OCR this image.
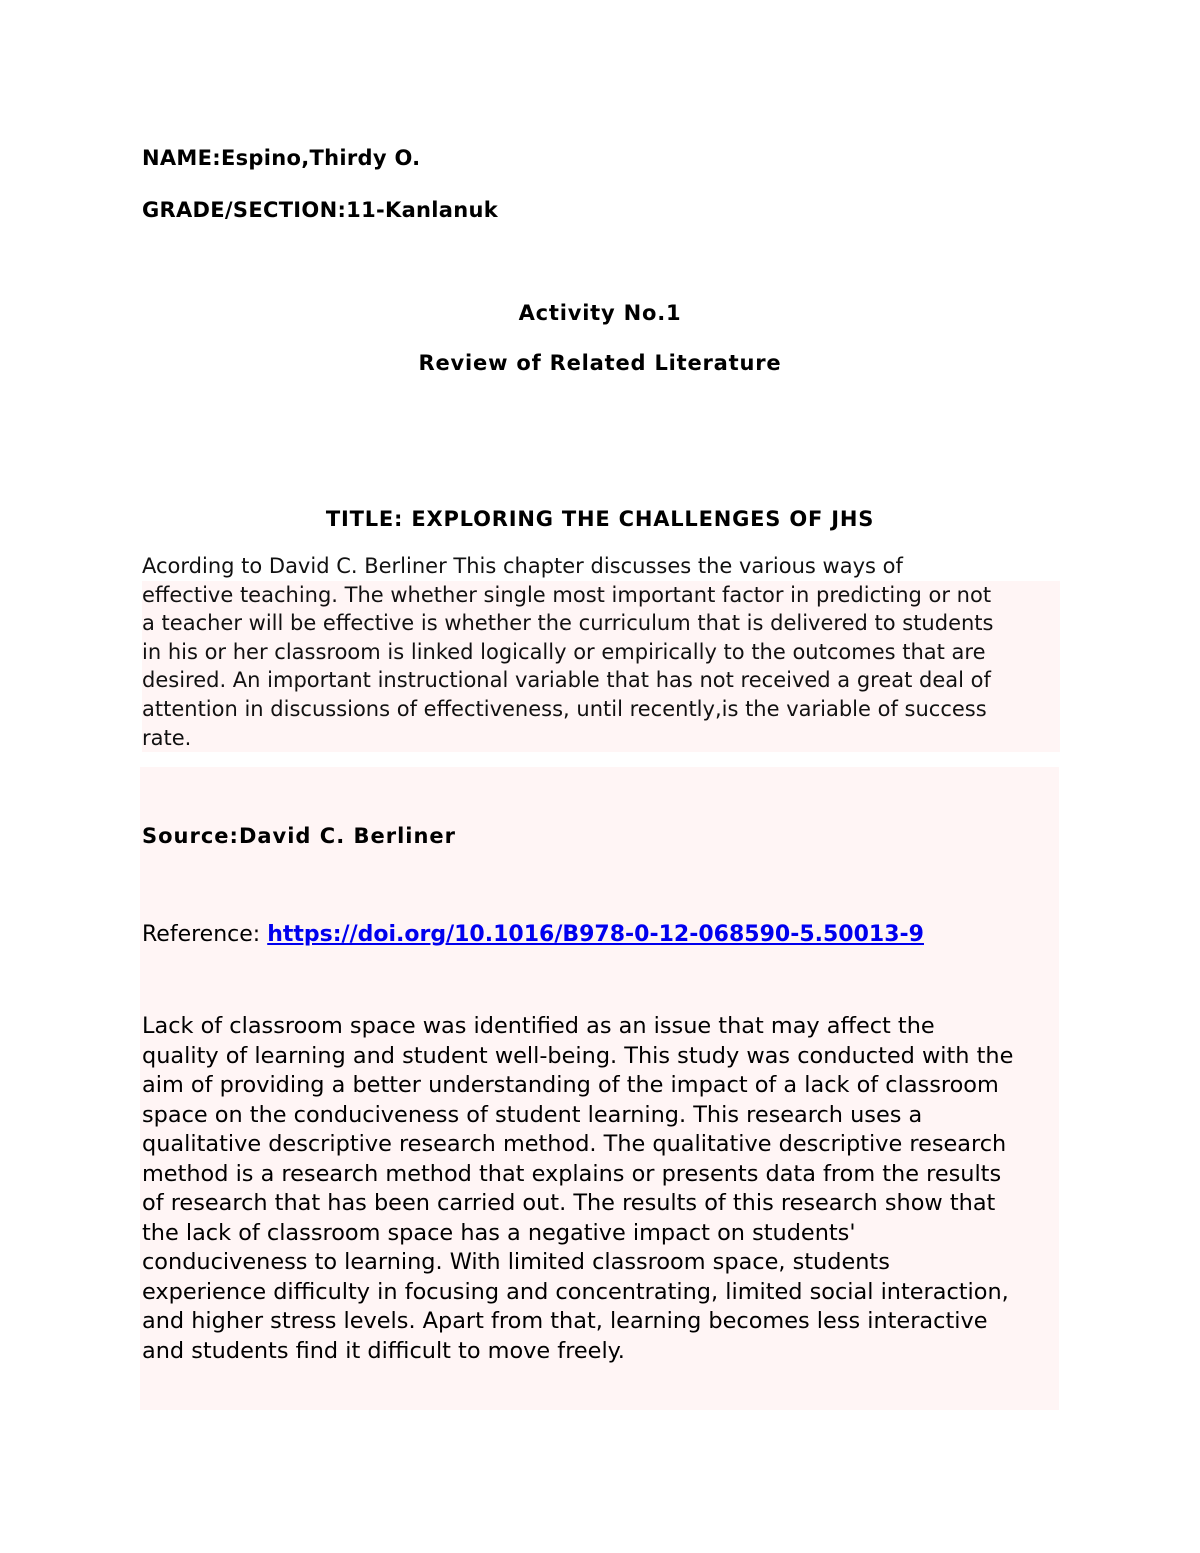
NAME:Espino,Thirdy O.
GRADE/SECTION:11-Kanlanuk
Activity No.1
Review of Related Literature
TITLE: EXPLORING THE CHALLENGES OF JHS
Acording to David C. Berliner This chapter discusses the various ways of
effective teaching. The whether single most important factor in predicting or not
a teacher will be effective is whether the curriculum that is delivered to students
in his or her classroom is linked logically or empirically to the outcomes that are
desired. An important instructional variable that has not received a great deal of
attention in discussions of effectiveness, until recently,is the variable of success
rate.
Source:David C. Berliner
Reference: https://doi.org/10.1016/B978-0-12-068590-5.50013-9
Lack of classroom space was identified as an issue that may affect the
quality of learning and student well-being. This study was conducted with the
aim of providing a better understanding of the impact of a lack of classroom
space on the conduciveness of student learning. This research uses a
qualitative descriptive research method. The qualitative descriptive research
method is a research method that explains or presents data from the results
of research that has been carried out. The results of this research show that
the lack of classroom space has a negative impact on students'
conduciveness to learning. With limited classroom space, students
experience difficulty in focusing and concentrating, limited social interaction,
and higher stress levels. Apart from that, learning becomes less interactive
and students find it difficult to move freely.
